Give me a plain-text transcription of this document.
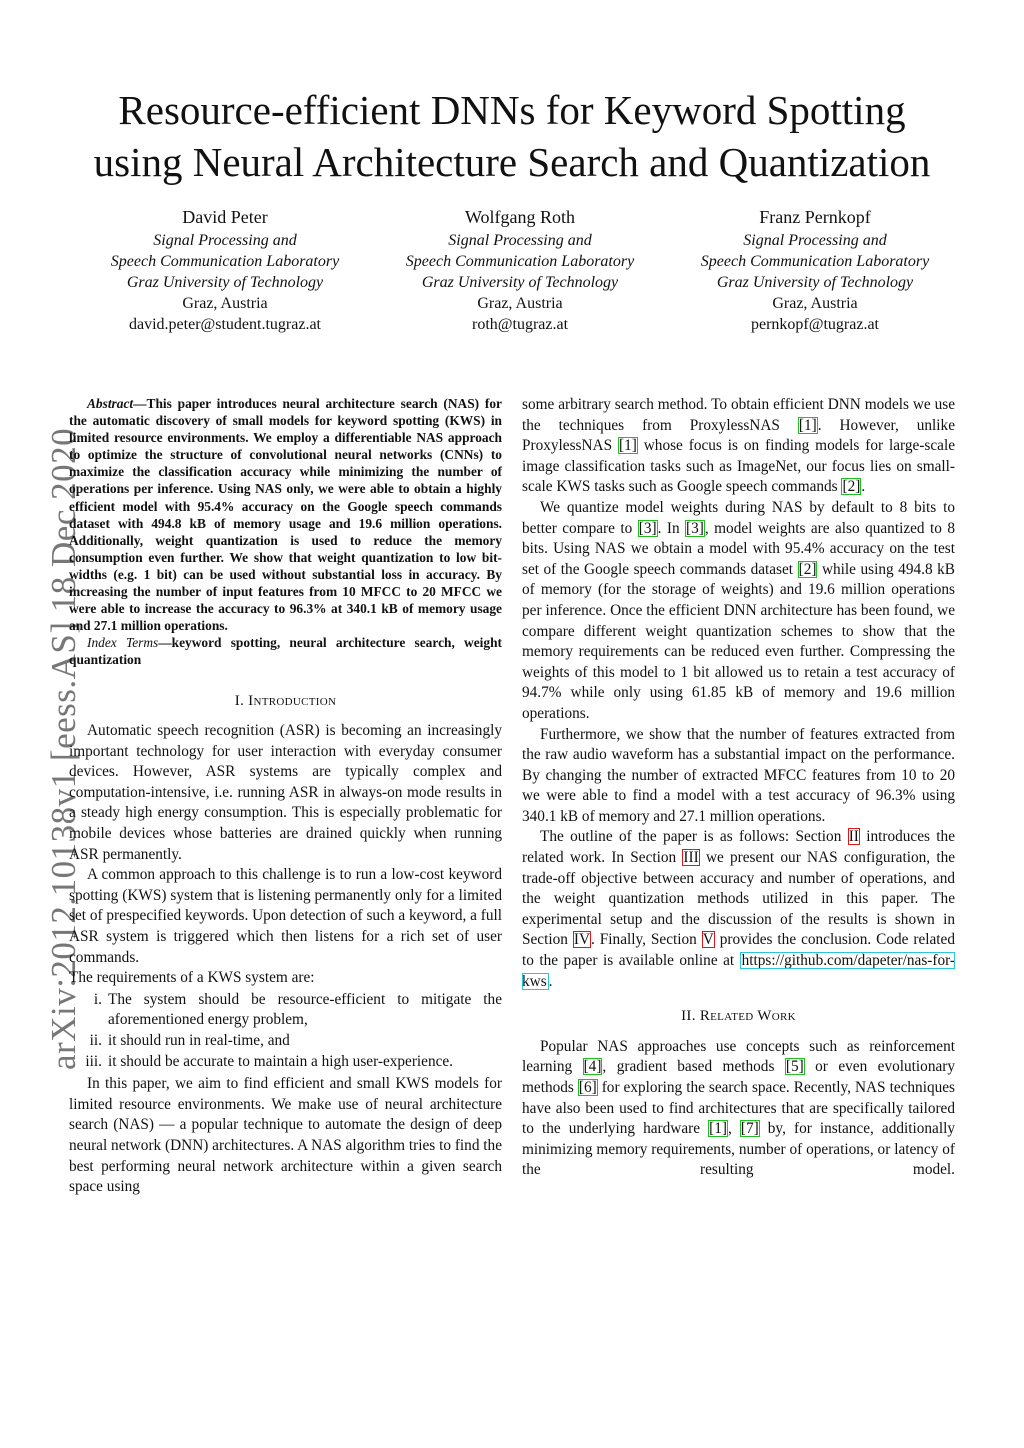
arXiv:2012.10138v1 [eess.AS] 18 Dec 2020
Resource-efficient DNNs for Keyword Spotting
using Neural Architecture Search and Quantization
David Peter
Signal Processing and
Speech Communication Laboratory
Graz University of Technology
Graz, Austria
david.peter@student.tugraz.at
Wolfgang Roth
Signal Processing and
Speech Communication Laboratory
Graz University of Technology
Graz, Austria
roth@tugraz.at
Franz Pernkopf
Signal Processing and
Speech Communication Laboratory
Graz University of Technology
Graz, Austria
pernkopf@tugraz.at

Abstract—This paper introduces neural architecture search (NAS) for the automatic discovery of small models for keyword spotting (KWS) in limited resource environments. We employ a differentiable NAS approach to optimize the structure of convolutional neural networks (CNNs) to maximize the classification accuracy while minimizing the number of operations per inference. Using NAS only, we were able to obtain a highly efficient model with 95.4% accuracy on the Google speech commands dataset with 494.8 kB of memory usage and 19.6 million operations. Additionally, weight quantization is used to reduce the memory consumption even further. We show that weight quantization to low bit-widths (e.g. 1 bit) can be used without substantial loss in accuracy. By increasing the number of input features from 10 MFCC to 20 MFCC we were able to increase the accuracy to 96.3% at 340.1 kB of memory usage and 27.1 million operations.

Index Terms—keyword spotting, neural architecture search, weight quantization

I. Introduction

Automatic speech recognition (ASR) is becoming an increasingly important technology for user interaction with everyday consumer devices. However, ASR systems are typically complex and computation-intensive, i.e. running ASR in always-on mode results in a steady high energy consumption. This is especially problematic for mobile devices whose batteries are drained quickly when running ASR permanently.

A common approach to this challenge is to run a low-cost keyword spotting (KWS) system that is listening permanently only for a limited set of prespecified keywords. Upon detection of such a keyword, a full ASR system is triggered which then listens for a rich set of user commands.

The requirements of a KWS system are:

i. The system should be resource-efficient to mitigate the aforementioned energy problem,
ii. it should run in real-time, and
iii. it should be accurate to maintain a high user-experience.

In this paper, we aim to find efficient and small KWS models for limited resource environments. We make use of neural architecture search (NAS) — a popular technique to automate the design of deep neural network (DNN) architectures. A NAS algorithm tries to find the best performing neural network architecture within a given search space using

some arbitrary search method. To obtain efficient DNN models we use the techniques from ProxylessNAS [1]. However, unlike ProxylessNAS [1] whose focus is on finding models for large-scale image classification tasks such as ImageNet, our focus lies on small-scale KWS tasks such as Google speech commands [2].

We quantize model weights during NAS by default to 8 bits to better compare to [3]. In [3], model weights are also quantized to 8 bits. Using NAS we obtain a model with 95.4% accuracy on the test set of the Google speech commands dataset [2] while using 494.8 kB of memory (for the storage of weights) and 19.6 million operations per inference. Once the efficient DNN architecture has been found, we compare different weight quantization schemes to show that the memory requirements can be reduced even further. Compressing the weights of this model to 1 bit allowed us to retain a test accuracy of 94.7% while only using 61.85 kB of memory and 19.6 million operations.

Furthermore, we show that the number of features extracted from the raw audio waveform has a substantial impact on the performance. By changing the number of extracted MFCC features from 10 to 20 we were able to find a model with a test accuracy of 96.3% using 340.1 kB of memory and 27.1 million operations.

The outline of the paper is as follows: Section II introduces the related work. In Section III we present our NAS configuration, the trade-off objective between accuracy and number of operations, and the weight quantization methods utilized in this paper. The experimental setup and the discussion of the results is shown in Section IV. Finally, Section V provides the conclusion. Code related to the paper is available online at https://github.com/dapeter/nas-for-kws .

II. Related Work

Popular NAS approaches use concepts such as reinforcement learning [4], gradient based methods [5] or even evolutionary methods [6] for exploring the search space. Recently, NAS techniques have also been used to find architectures that are specifically tailored to the underlying hardware [1], [7] by, for instance, additionally minimizing memory requirements, number of operations, or latency of the resulting model.
